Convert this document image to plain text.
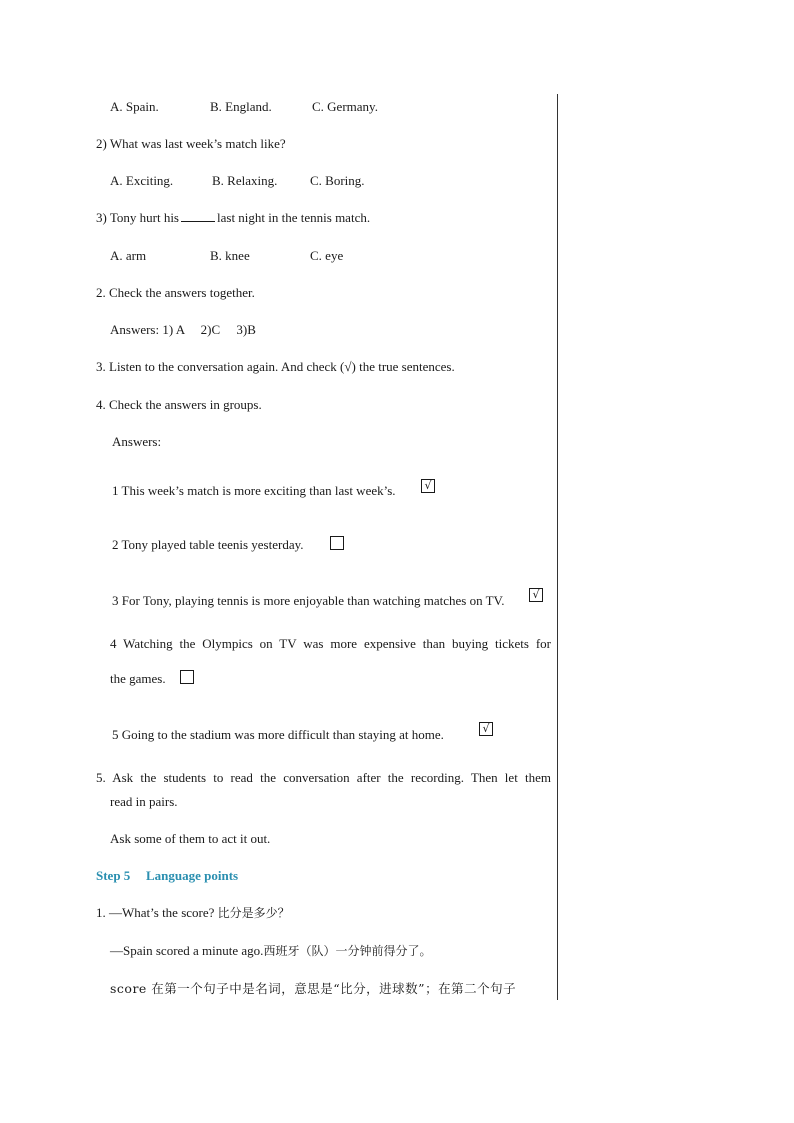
A. Spain.	B. England.	C. Germany.
2) What was last week’s match like?
A. Exciting.	B. Relaxing.	C. Boring.
3) Tony hurt his	last night in the tennis match.
A. arm	B. knee	C. eye
2. Check the answers together.
Answers: 1) A     2)C     3)B
3. Listen to the conversation again. And check (√) the true sentences.
4. Check the answers in groups.
Answers:
1 This week’s match is more exciting than last week’s.	√
2 Tony played table teenis yesterday.
3 For Tony, playing tennis is more enjoyable than watching matches on TV.	√
4 Watching the Olympics on TV was more expensive than buying tickets for
the games.
5 Going to the stadium was more difficult than staying at home.	√
5. Ask the students to read the conversation after the recording. Then let them
read in pairs.
Ask some of them to act it out.
Step 5 Language points
1. —What’s the score? 比分是多少？
—Spain scored a minute ago.西班牙（队）一分钟前得分了。
score 在第一个句子中是名词，意思是“比分，进球数”；在第二个句子
